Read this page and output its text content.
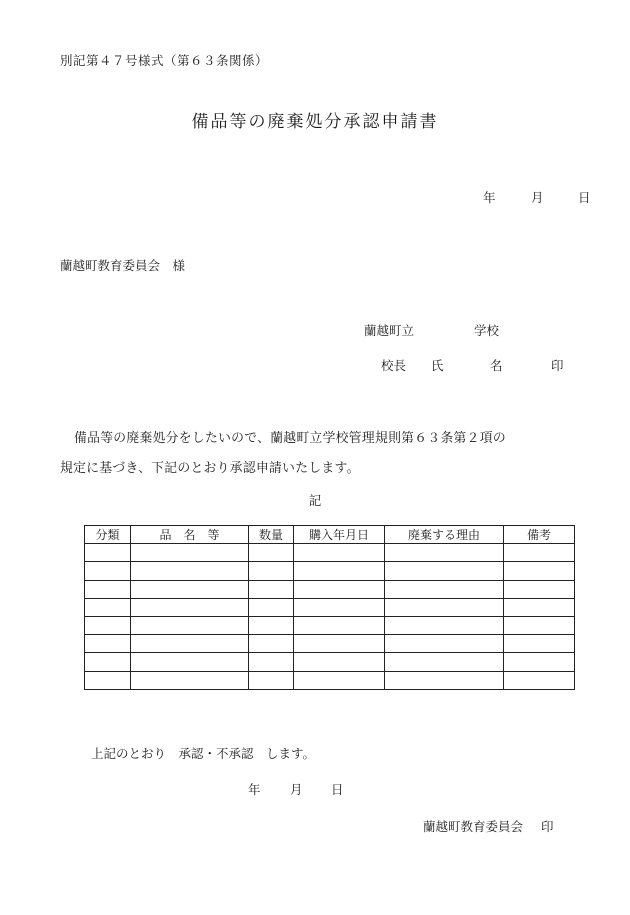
別記第４７号様式（第６３条関係）
備品等の廃棄処分承認申請書
年	月	日
蘭越町教育委員会　様
蘭越町立	学校
校長 氏	名	印
備品等の廃棄処分をしたいので、蘭越町立学校管理規則第６３条第２項の
規定に基づき、下記のとおり承認申請いたします。
記
分類	品　名　等	数量	購入年月日	廃棄する理由	備考

上記のとおり　承認・不承認　します。
年 月 日
蘭越町教育委員会 印
